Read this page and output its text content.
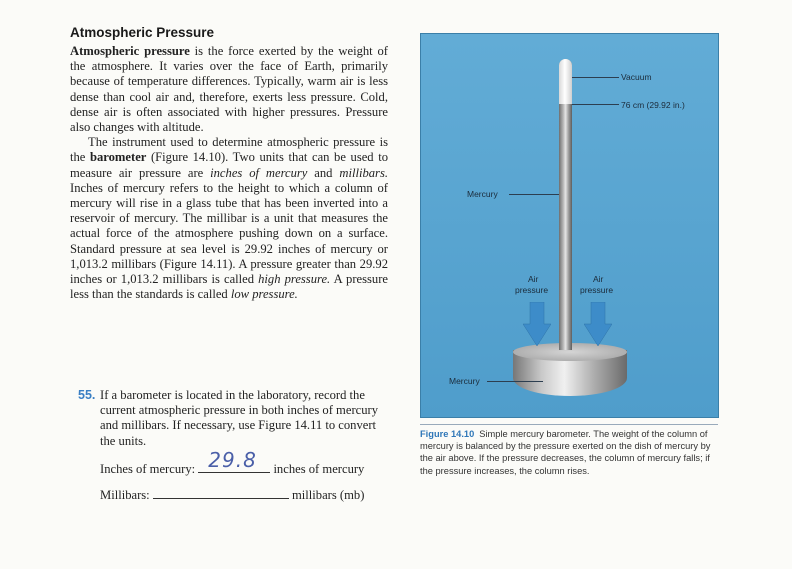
Atmospheric Pressure

Atmospheric pressure is the force exerted by the weight of the atmosphere. It varies over the face of Earth, primarily because of temperature differences. Typically, warm air is less dense than cool air and, therefore, exerts less pressure. Cold, dense air is often associated with higher pressures. Pressure also changes with altitude.

The instrument used to determine atmospheric pressure is the barometer (Figure 14.10). Two units that can be used to measure air pressure are inches of mercury and millibars. Inches of mercury refers to the height to which a column of mercury will rise in a glass tube that has been inverted into a reservoir of mercury. The millibar is a unit that measures the actual force of the atmosphere pushing down on a surface. Standard pressure at sea level is 29.92 inches of mercury or 1,013.2 millibars (Figure 14.11). A pressure greater than 29.92 inches or 1,013.2 millibars is called high pressure. A pressure less than the standards is called low pressure.

55. If a barometer is located in the laboratory, record the current atmospheric pressure in both inches of mercury and millibars. If necessary, use Figure 14.11 to convert the units.
Inches of mercury: 29.8 inches of mercury
Millibars:	millibars (mb)
Vacuum
76 cm (29.92 in.)
Mercury
Air
pressure
Air
pressure
Mercury
Figure 14.10 Simple mercury barometer. The weight of the column of mercury is balanced by the pressure exerted on the dish of mercury by the air above. If the pressure decreases, the column of mercury falls; if the pressure increases, the column rises.
